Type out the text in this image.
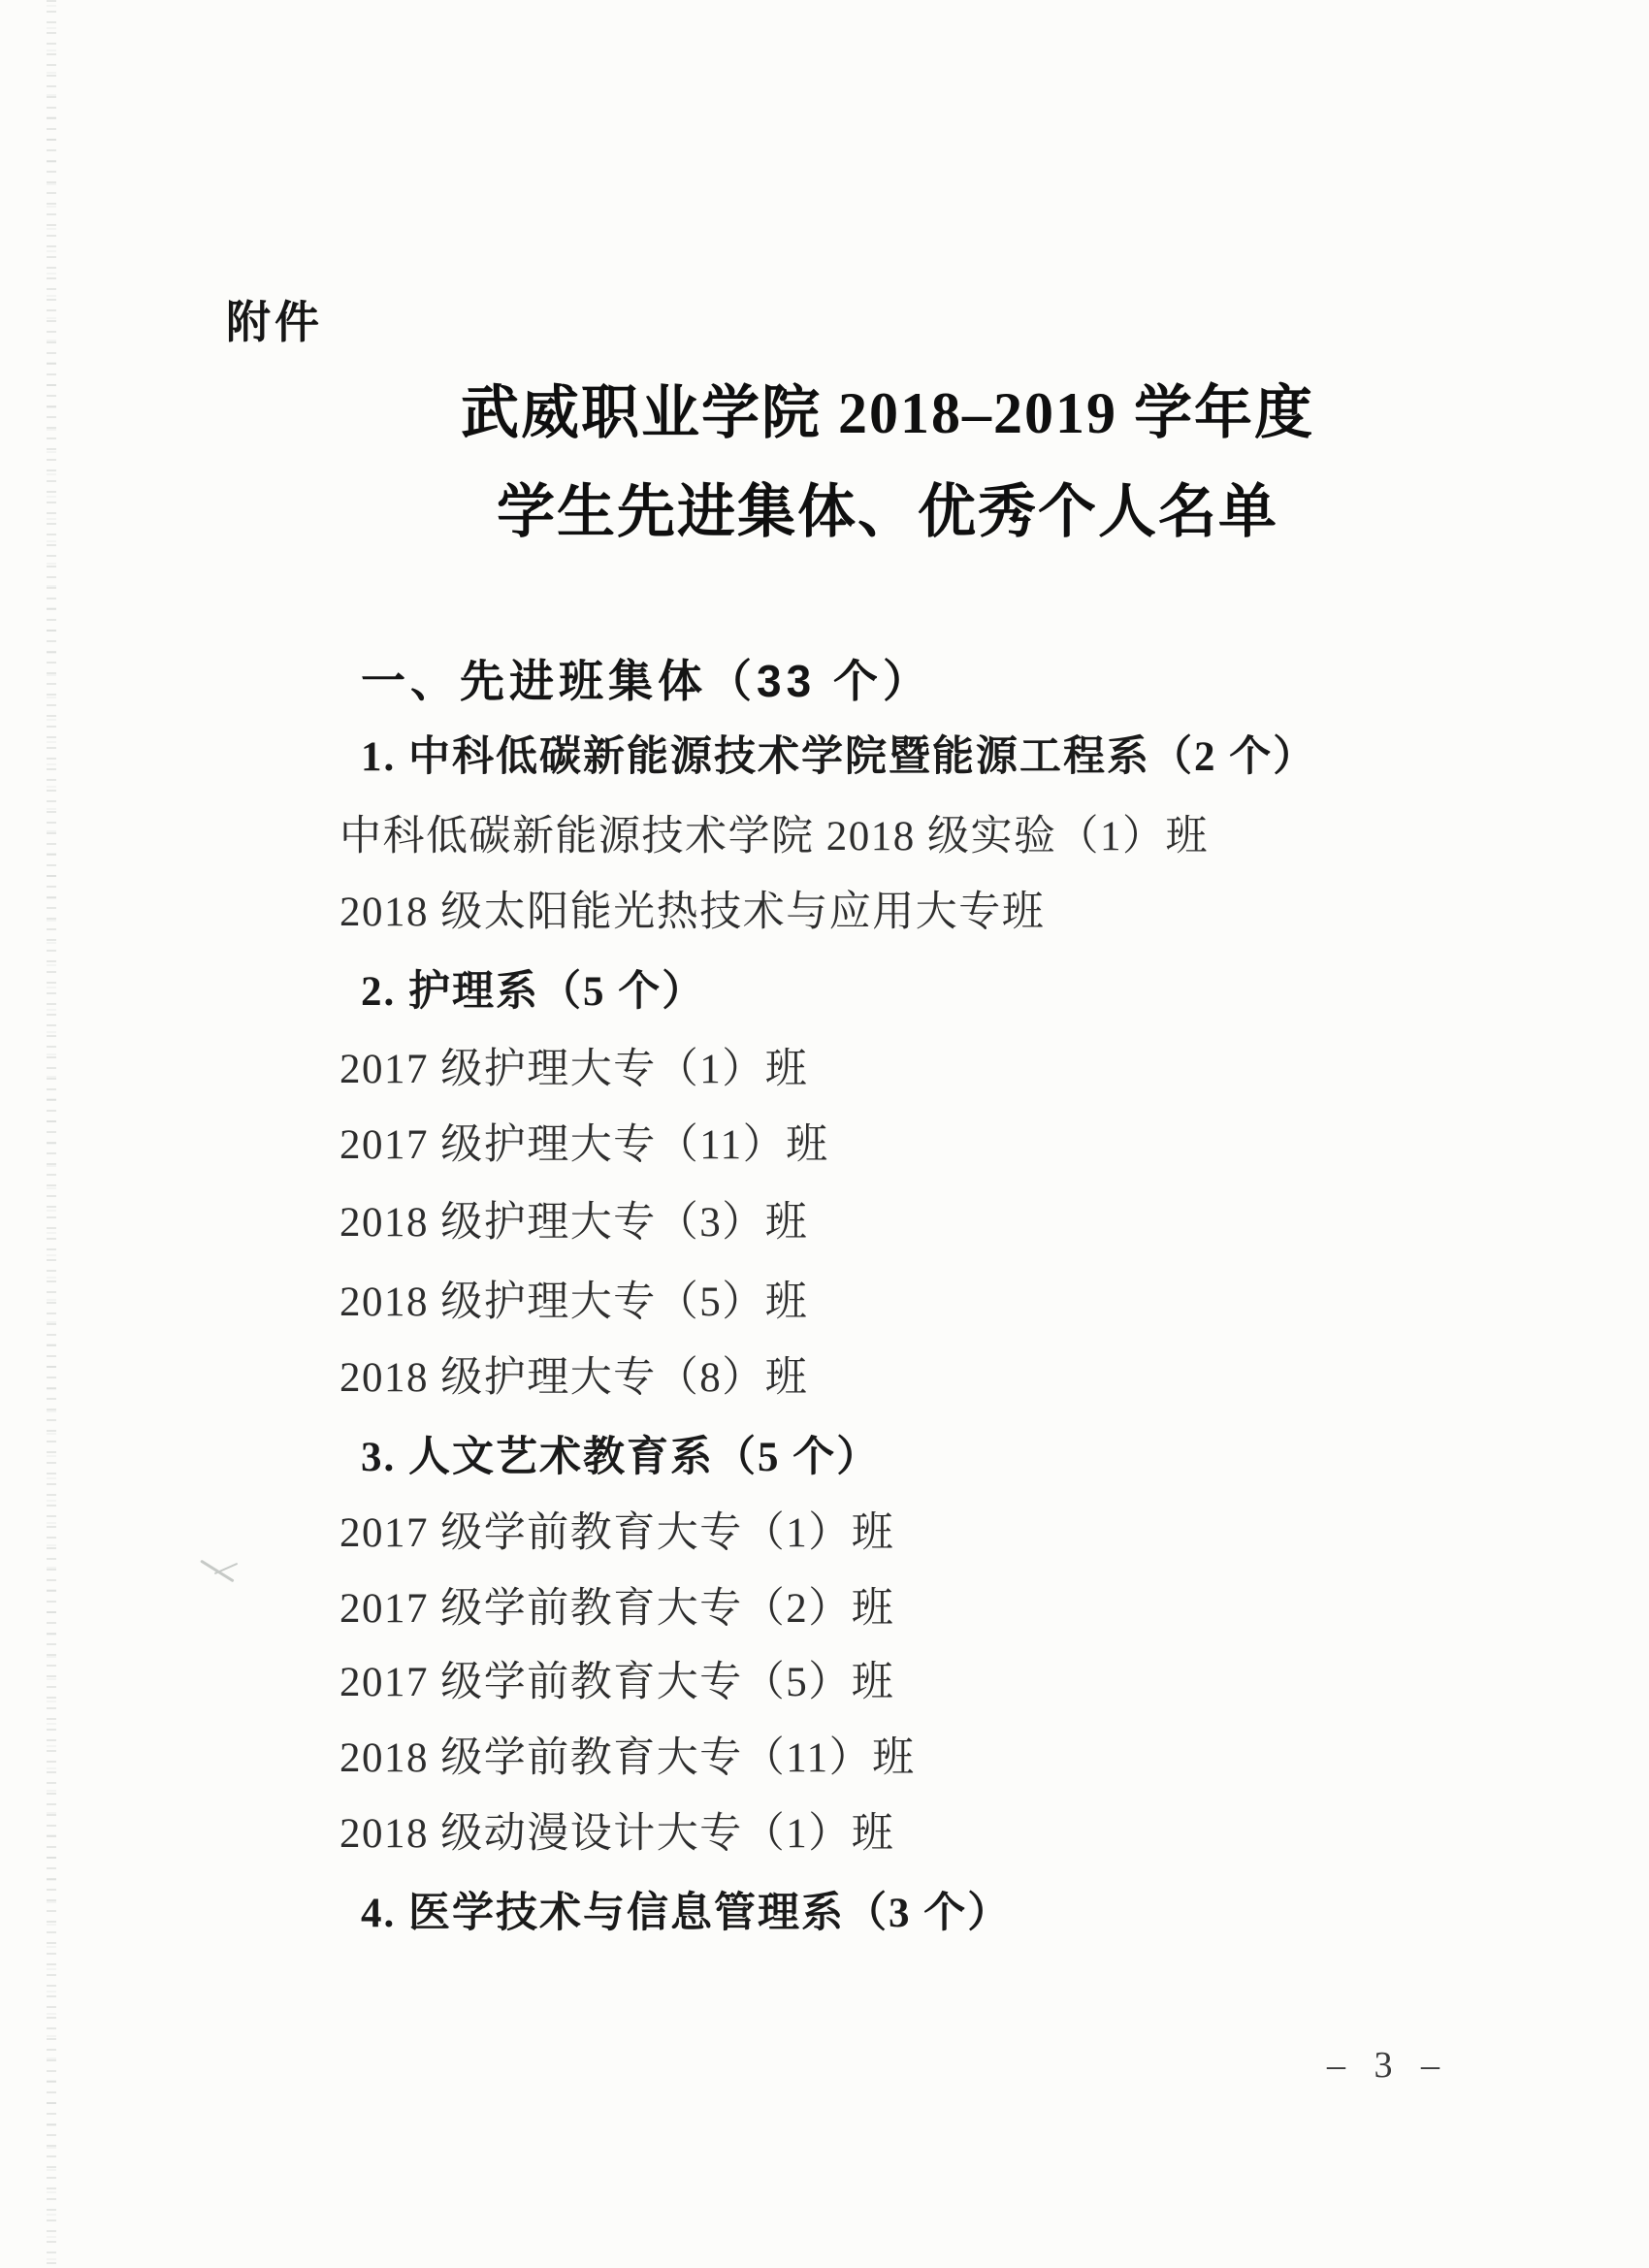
附件
武威职业学院 2018–2019 学年度
学生先进集体、优秀个人名单
一、先进班集体（33 个）
1. 中科低碳新能源技术学院暨能源工程系（2 个）
中科低碳新能源技术学院 2018 级实验（1）班
2018 级太阳能光热技术与应用大专班
2. 护理系（5 个）
2017 级护理大专（1）班
2017 级护理大专（11）班
2018 级护理大专（3）班
2018 级护理大专（5）班
2018 级护理大专（8）班
3. 人文艺术教育系（5 个）
2017 级学前教育大专（1）班
2017 级学前教育大专（2）班
2017 级学前教育大专（5）班
2018 级学前教育大专（11）班
2018 级动漫设计大专（1）班
4. 医学技术与信息管理系（3 个）
– 3 –
